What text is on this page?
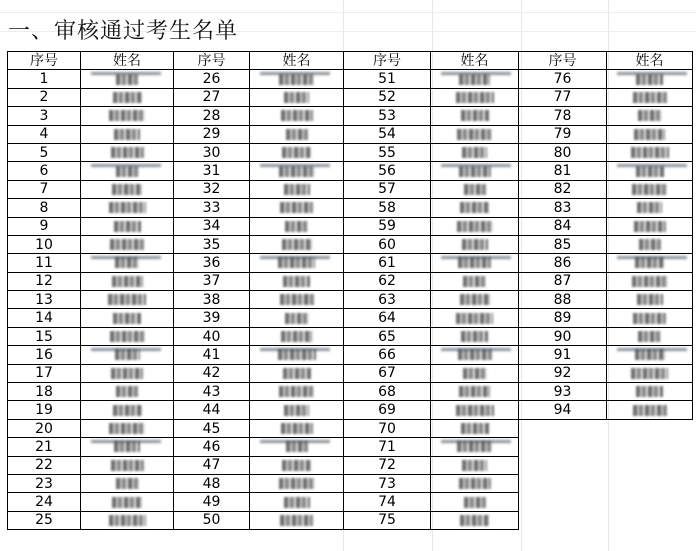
一、审核通过考生名单
序号	姓名	序号	姓名	序号	姓名	序号	姓名
1		26		51		76	

2		27		52		77	
3		28		53		78	
4		29		54		79	
5		30		55		80	
6		31		56		81	

7		32		57		82	
8		33		58		83	
9		34		59		84	
10		35		60		85	
11		36		61		86	

12		37		62		87	
13		38		63		88	
14		39		64		89	
15		40		65		90	
16		41		66		91	

17		42		67		92	
18		43		68		93	
19		44		69		94	
20		45		70			
21		46		71	

22		47		72			
23		48		73			
24		49		74			
25		50		75			
